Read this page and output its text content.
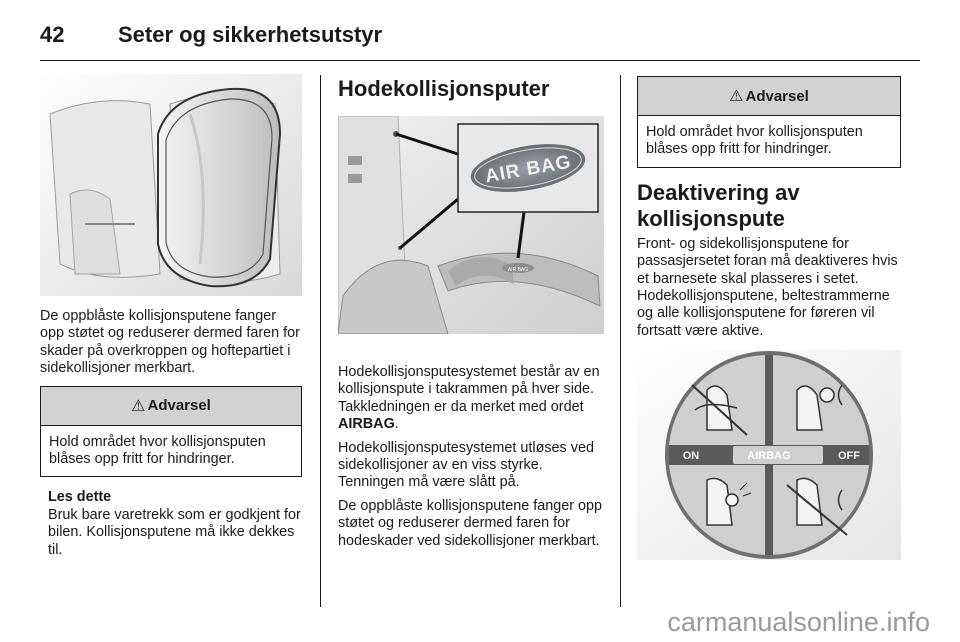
42 Seter og sikkerhetsutstyr

De oppblåste kollisjonsputene fanger opp støtet og reduserer dermed faren for skader på overkroppen og hoftepartiet i sidekollisjoner merkbart.

⚠ Advarsel
Hold området hvor kollisjonsputen blåses opp fritt for hindringer.
Les dette
Bruk bare varetrekk som er godkjent for bilen. Kollisjonsputene må ikke dekkes til.
Hodekollisjonsputer
AIR BAG
AIR BAG

Hodekollisjonsputesystemet består av en kollisjonspute i takrammen på hver side. Takkledningen er da merket med ordet AIRBAG.

Hodekollisjonsputesystemet utløses ved sidekollisjoner av en viss styrke. Tenningen må være slått på.

De oppblåste kollisjonsputene fanger opp støtet og reduserer dermed faren for hodeskader ved sidekollisjoner merkbart.

⚠ Advarsel
Hold området hvor kollisjonsputen blåses opp fritt for hindringer.
Deaktivering av kollisjonspute

Front- og sidekollisjonsputene for passasjersetet foran må deaktiveres hvis et barnesete skal plasseres i setet. Hodekollisjonsputene, beltestrammerne og alle kollisjonsputene for føreren vil fortsatt være aktive.

ON	AIRBAG	OFF
carmanualsonline.info
